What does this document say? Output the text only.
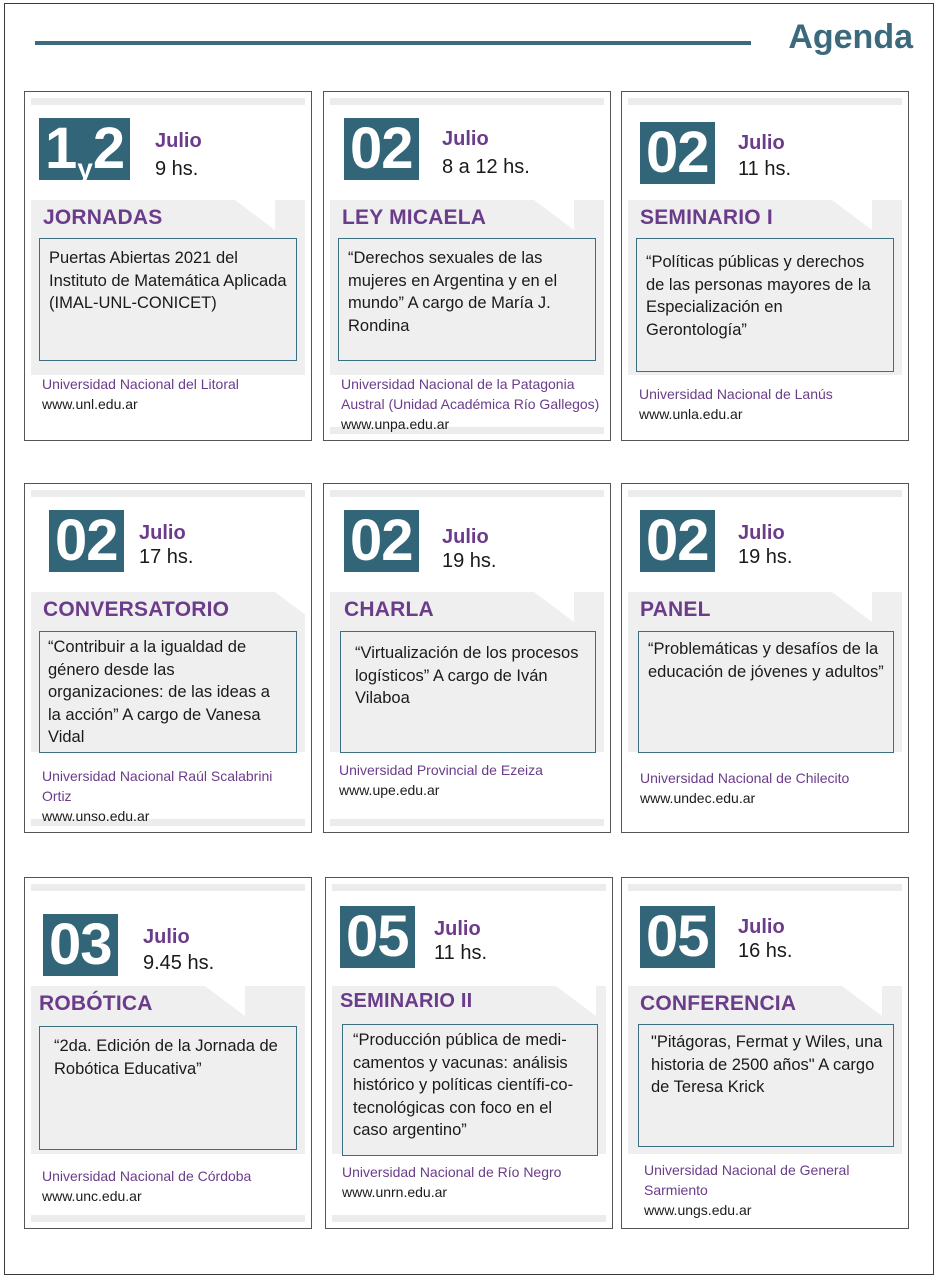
Agenda
1y2	Julio
9 hs.
JORNADAS
Puertas Abiertas 2021 del Instituto de Matemática Aplicada (IMAL-UNL-CONICET)
Universidad Nacional del Litoral
www.unl.edu.ar
02	Julio
8 a 12 hs.
LEY MICAELA
“Derechos sexuales de las mujeres en Argentina y en el mundo” A cargo de María J. Rondina
Universidad Nacional de la Patagonia Austral (Unidad Académica Río Gallegos) www.unpa.edu.ar
02	Julio
11 hs.
SEMINARIO I
“Políticas públicas y derechos de las personas mayores de la Especialización en Gerontología”
Universidad Nacional de Lanús
www.unla.edu.ar
02	Julio
17 hs.
CONVERSATORIO
“Contribuir a la igualdad de género desde las organizaciones: de las ideas a la acción” A cargo de Vanesa Vidal
Universidad Nacional Raúl Scalabrini Ortiz
www.unso.edu.ar
02	Julio
19 hs.
CHARLA
“Virtualización de los procesos logísticos” A cargo de Iván Vilaboa
Universidad Provincial de Ezeiza
www.upe.edu.ar
02	Julio
19 hs.
PANEL
“Problemáticas y desafíos de la educación de jóvenes y adultos”
Universidad Nacional de Chilecito
www.undec.edu.ar
03	Julio
9.45 hs.
ROBÓTICA
“2da. Edición de la Jornada de Robótica Educativa”
Universidad Nacional de Córdoba
www.unc.edu.ar
05	Julio
11 hs.
SEMINARIO II
“Producción pública de medi-camentos y vacunas: análisis histórico y políticas científi-co-tecnológicas con foco en el caso argentino”
Universidad Nacional de Río Negro
www.unrn.edu.ar
05	Julio
16 hs.
CONFERENCIA
"Pitágoras, Fermat y Wiles, una historia de 2500 años" A cargo de Teresa Krick
Universidad Nacional de General Sarmiento
www.ungs.edu.ar
